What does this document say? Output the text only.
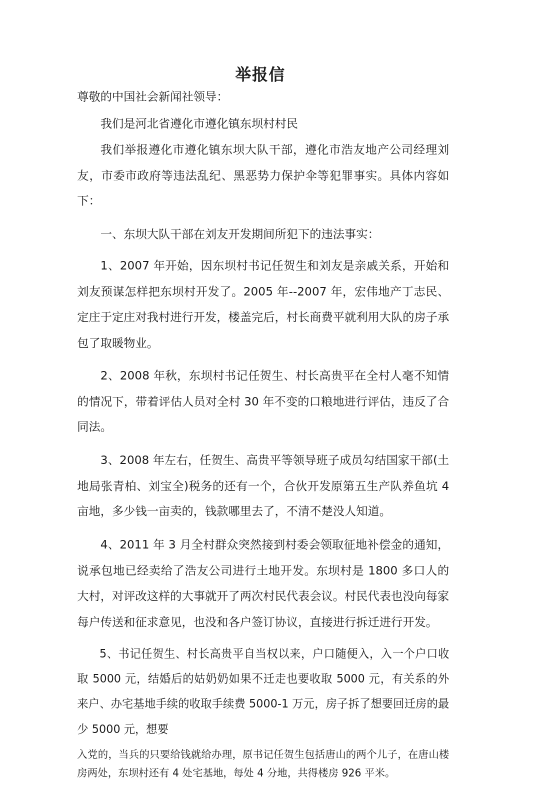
举报信
尊敬的中国社会新闻社领导：
我们是河北省遵化市遵化镇东坝村村民
我们举报遵化市遵化镇东坝大队干部，遵化市浩友地产公司经理刘友，市委市政府等违法乱纪、黑恶势力保护伞等犯罪事实。具体内容如下：
一、东坝大队干部在刘友开发期间所犯下的违法事实：
1、2007 年开始，因东坝村书记任贺生和刘友是亲戚关系，开始和刘友预谋怎样把东坝村开发了。2005 年--2007 年，宏伟地产丁志民、定庄于定庄对我村进行开发，楼盖完后，村长商费平就利用大队的房子承包了取暖物业。
2、2008 年秋，东坝村书记任贺生、村长高贵平在全村人毫不知情的情况下，带着评估人员对全村 30 年不变的口粮地进行评估，违反了合同法。
3、2008 年左右，任贺生、高贵平等领导班子成员勾结国家干部(土地局张青柏、刘宝全)税务的还有一个，合伙开发原第五生产队养鱼坑 4 亩地，多少钱一亩卖的，钱款哪里去了，不清不楚没人知道。
4、2011 年 3 月全村群众突然接到村委会领取征地补偿金的通知，说承包地已经卖给了浩友公司进行土地开发。东坝村是 1800 多口人的大村，对评改这样的大事就开了两次村民代表会议。村民代表也没向每家每户传送和征求意见，也没和各户签订协议，直接进行拆迁进行开发。
5、书记任贺生、村长高贵平自当权以来，户口随便入，入一个户口收取 5000 元，结婚后的姑奶奶如果不迁走也要收取 5000 元，有关系的外来户、办宅基地手续的收取手续费 5000-1 万元，房子拆了想要回迁房的最少 5000 元，想要
入党的，当兵的只要给钱就给办理，原书记任贺生包括唐山的两个儿子，在唐山楼房两处，东坝村还有 4 处宅基地，每处 4 分地，共得楼房 926 平米。
